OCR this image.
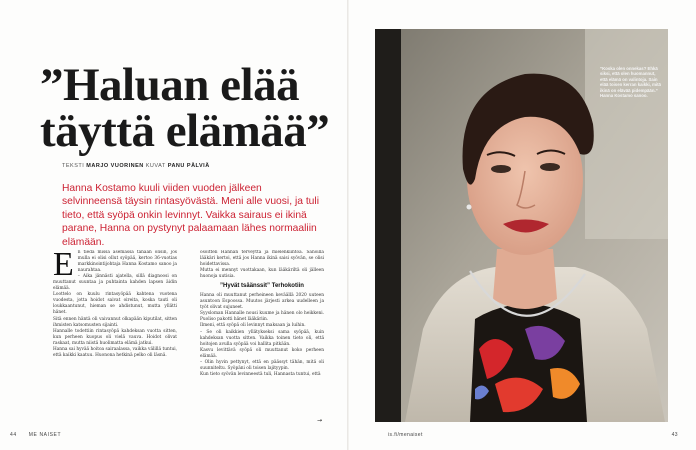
”Haluan elää täyttä elämää”
TEKSTI MARJO VUORINEN KUVAT PANU PÄLVIÄ

Hanna Kostamo kuuli viiden vuoden jälkeen selvinneensä täysin rintasyövästä. Meni alle vuosi, ja tuli tieto, että syöpä onkin levinnyt. Vaikka sairaus ei ikinä parane, Hanna on pystynyt palaamaan lähes normaaliin elämään.

E n tiedä missä asemassa tänään olisin, jos mulla ei olisi ollut syöpää, kertoo 36-vuotias markkinointijohtaja Hanna Kostamo sanoo ja naurahtaa.

– Aika jännästi ajatella, sillä diagnoosi on muuttanut suuntaa ja puhtainta kahden lapsen äidin elämää.

Loottelo on kuulu rintasyöpää kahtena vuotena vuodesta, jotta hoidot saivat oireita, koska tauti oli loukkaantunut, hieman se ahdistunut, mutta yllätti hänet.

Sitä ennen häntä oli vaivannut olkapään kiputilat, sitten ihmisten katsomusten sijainti.

Hannalle todettiin rintasyöpä kahdeksan vuotta sitten, kun perheen kuopus oli vielä vauva. Hoidot olivat raskaat, mutta niistä huolimatta elämä jatkui.

Hanna sai hyvää hoitoa sairaalassa, vaikka välillä tuntui, että kaikki kaatuu. Huonona hetkinä pelko oli läsnä.

osoitteli Hannan terveyttä ja mielenkiintoa. Sanoilla lääkäri kertoi, että jos Hanna ikinä saisi syövän, se olisi hoidettavissa.

Mutta ei mennyt vuottakaan, kun lääkäriltä oli jälleen huonoja uutisia.

”Hyvät tsäänssit” Terhokotiin

Hanna oli muuttanut perheineen keväällä 2020 uuteen asuntoon Espoossa. Muutos järjesti arkea uudelleen ja työt olivat sujuneet.

Syysloman Hannalle nousi kuume ja hänen olo heikkeni. Puoliso pakotti hänet lääkäriin.

Ilmeni, että syöpä oli levinnyt maksaan ja luihin.

– Se oli kaikkien yllätykseksi sama syöpää, kuin kahdeksan vuotta sitten. Vaikka toinen tieto oli, että hoitojen avulla syöpää voi hallita pitkään.

Kasvu levittävä syöpä oli muuttanut koko perheen elämää.

– Olin hyvin pettynyt, että en päässyt tähän, mitä oli suunniteltu. Syöpäni oli toisen lajityypin.

Kun tieto syövän levinneestä tuli, Hannasta tuntui, että

→
44 ME NAISET

”Koska olen onnekas? Ehkä siksi, että olen huomannut, että elämä on valintoja. Sain elää toisen kerran kaikki, mitä ikinä on elävää pidempään.” Hanna Kostamo sanoo.

is.fi/menaiset	43
